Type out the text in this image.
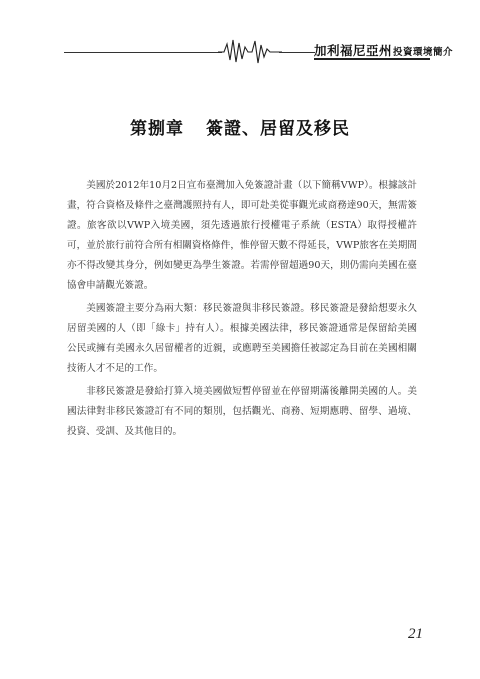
加利福尼亞州投資環境簡介
第捌章 簽證、居留及移民

美國於2012年10月2日宣布臺灣加入免簽證計畫（以下簡稱VWP）。根據該計畫，符合資格及條件之臺灣護照持有人，即可赴美從事觀光或商務達90天，無需簽證。旅客欲以VWP入境美國，須先透過旅行授權電子系統（ESTA）取得授權許可，並於旅行前符合所有相關資格條件，惟停留天數不得延長，VWP旅客在美期間亦不得改變其身分，例如變更為學生簽證。若需停留超過90天，則仍需向美國在臺協會申請觀光簽證。

美國簽證主要分為兩大類：移民簽證與非移民簽證。移民簽證是發給想要永久居留美國的人（即「綠卡」持有人）。根據美國法律，移民簽證通常是保留給美國公民或擁有美國永久居留權者的近親，或應聘至美國擔任被認定為目前在美國相關技術人才不足的工作。

非移民簽證是發給打算入境美國做短暫停留並在停留期滿後離開美國的人。美國法律對非移民簽證訂有不同的類別，包括觀光、商務、短期應聘、留學、過境、投資、受訓、及其他目的。

21
